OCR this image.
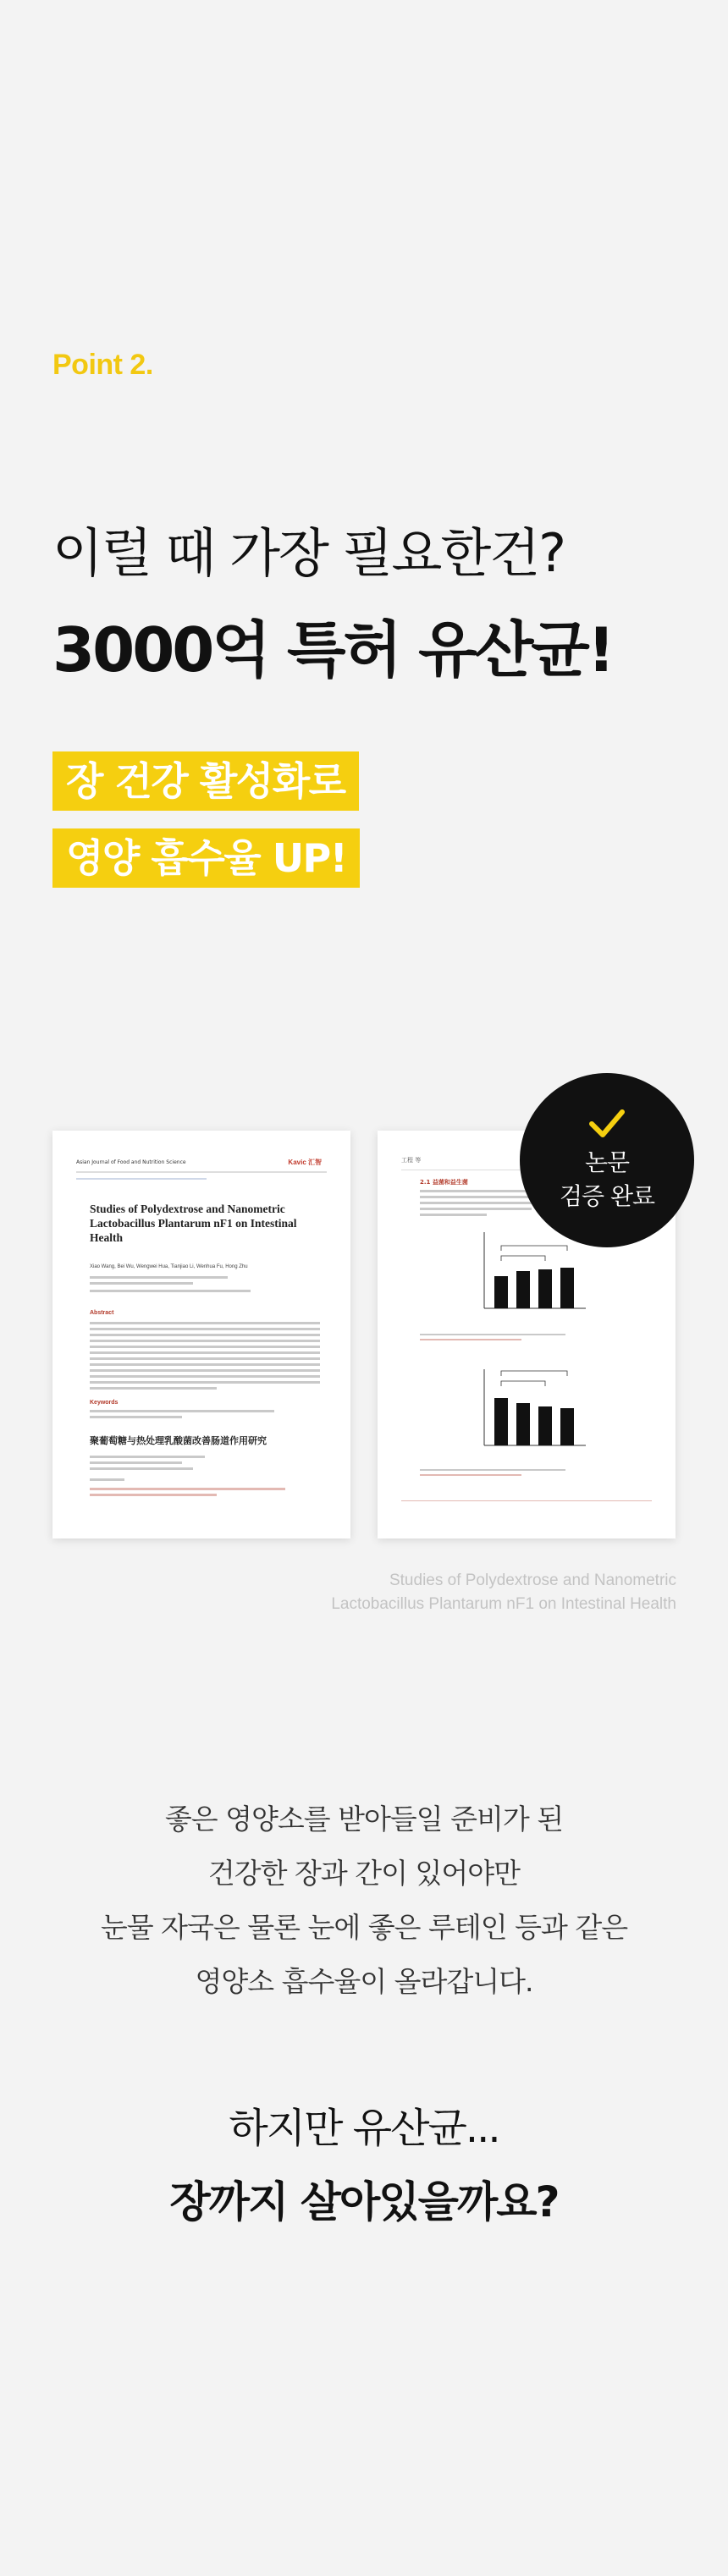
Point 2.
이럴 때 가장 필요한건?
3000억 특허 유산균!
장 건강 활성화로
영양 흡수율 UP!
Asian Journal of Food and Nutrition Science	Kavic 汇智
Studies of Polydextrose and Nanometric Lactobacillus Plantarum nF1 on Intestinal Health
Xiao Wang, Bei Wu, Wengwei Hua, Tianjiao Li, Wenhua Fu, Hong Zhu
Abstract
Keywords
聚葡萄糖与热处理乳酸菌改善肠道作用研究
工程 等
2.1 益菌和益生菌
논문
검증 완료
Studies of Polydextrose and Nanometric
Lactobacillus Plantarum nF1 on Intestinal Health
좋은 영양소를 받아들일 준비가 된
건강한 장과 간이 있어야만
눈물 자국은 물론 눈에 좋은 루테인 등과 같은
영양소 흡수율이 올라갑니다.
하지만 유산균...
장까지 살아있을까요?
